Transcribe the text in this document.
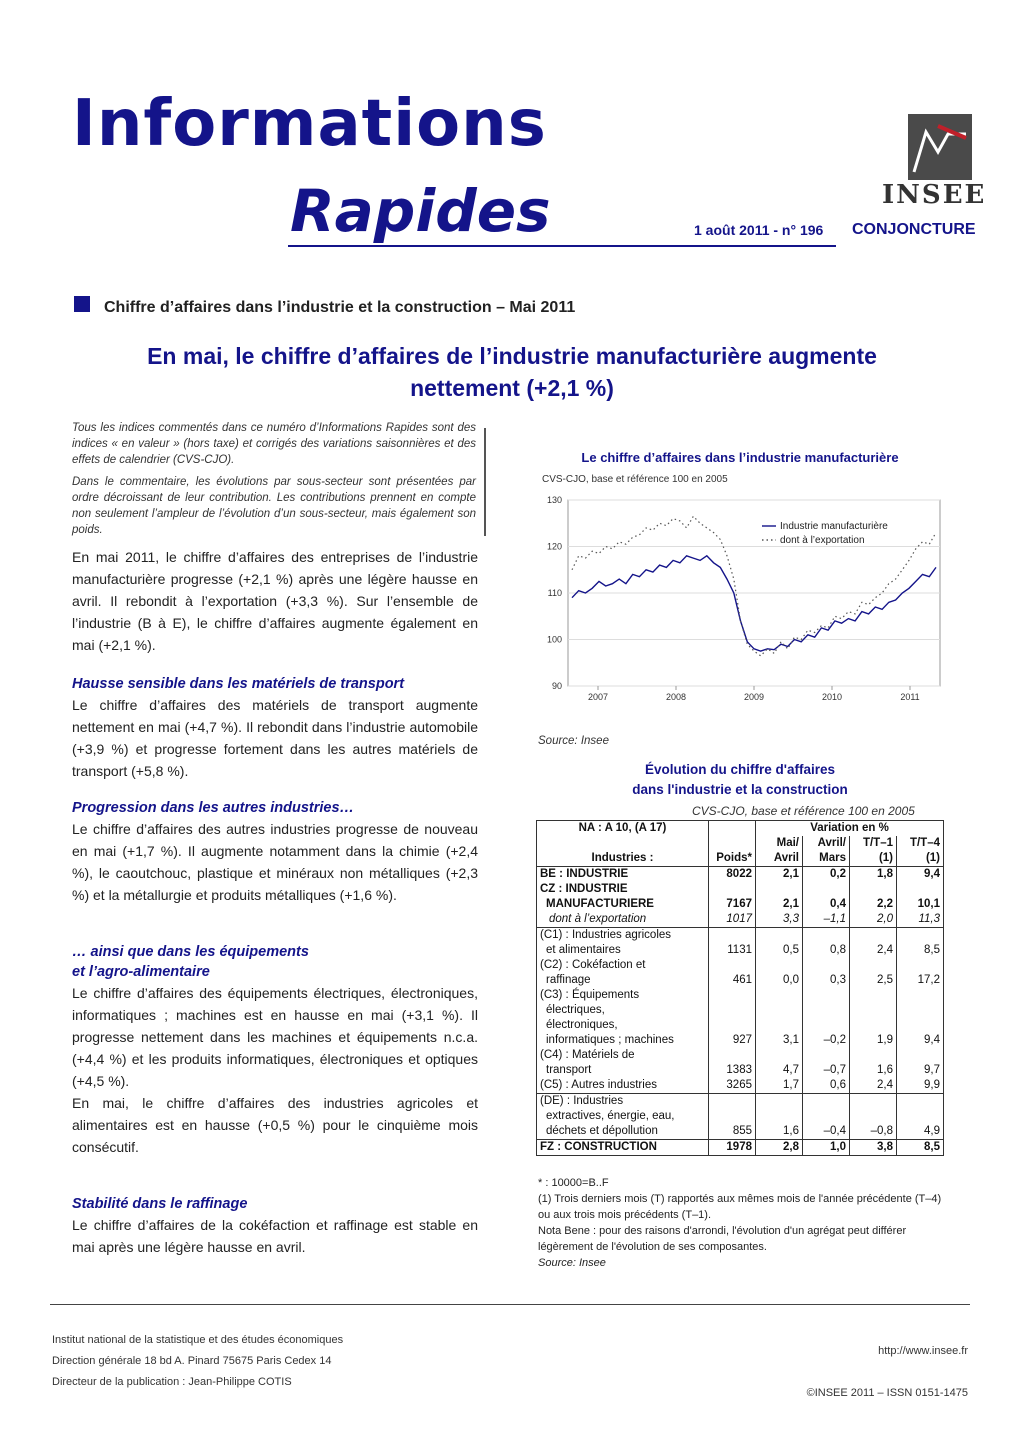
Informations
Rapides	1 août 2011 - n° 196
INSEE
CONJONCTURE
Chiffre d’affaires dans l’industrie et la construction – Mai 2011
En mai, le chiffre d’affaires de l’industrie manufacturière augmente nettement (+2,1 %)

Tous les indices commentés dans ce numéro d’Informations Rapides sont des indices « en valeur » (hors taxe) et corrigés des variations saisonnières et des effets de calendrier (CVS-CJO).

Dans le commentaire, les évolutions par sous-secteur sont présentées par ordre décroissant de leur contribution. Les contributions prennent en compte non seulement l’ampleur de l’évolution d’un sous-secteur, mais également son poids.

En mai 2011, le chiffre d’affaires des entreprises de l’industrie manufacturière progresse (+2,1 %) après une légère hausse en avril. Il rebondit à l’exportation (+3,3 %). Sur l’ensemble de l’industrie (B à E), le chiffre d’affaires augmente également en mai (+2,1 %).

Hausse sensible dans les matériels de transport

Le chiffre d’affaires des matériels de transport augmente nettement en mai (+4,7 %). Il rebondit dans l’industrie automobile (+3,9 %) et progresse fortement dans les autres matériels de transport (+5,8 %).

Progression dans les autres industries…

Le chiffre d’affaires des autres industries progresse de nouveau en mai (+1,7 %). Il augmente notamment dans la chimie (+2,4 %), le caoutchouc, plastique et minéraux non métalliques (+2,3 %) et la métallurgie et produits métalliques (+1,6 %).

… ainsi que dans les équipements
et l’agro-alimentaire

Le chiffre d’affaires des équipements électriques, électroniques, informatiques ; machines est en hausse en mai (+3,1 %). Il progresse nettement dans les machines et équipements n.c.a. (+4,4 %) et les produits informatiques, électroniques et optiques (+4,5 %).

En mai, le chiffre d’affaires des industries agricoles et alimentaires est en hausse (+0,5 %) pour le cinquième mois consécutif.

Stabilité dans le raffinage

Le chiffre d’affaires de la cokéfaction et raffinage est stable en mai après une légère hausse en avril.

Le chiffre d’affaires dans l’industrie manufacturière
CVS-CJO, base et référence 100 en 2005
90
100
110
120
130
2007	2008	2009	2010	2011
Industrie manufacturière
dont à l’exportation
Source: Insee
Évolution du chiffre d'affaires
dans l'industrie et la construction
CVS-CJO, base et référence 100 en 2005
NA : A 10, (A 17)		Variation en %			
		Mai/	Avril/	T/T–1	T/T–4
Industries :	Poids*	Avril	Mars	(1)	(1)
BE : INDUSTRIE	8022	2,1	0,2	1,8	9,4

CZ : INDUSTRIE
MANUFACTURIERE	7167	2,1	0,4	2,2	10,1
dont à l’exportation	1017	3,3	–1,1	2,0	11,3

(C1) : Industries agricoles
et alimentaires	1131	0,5	0,8	2,4	8,5

(C2) : Cokéfaction et
raffinage	461	0,0	0,3	2,5	17,2

(C3) : Équipements
électriques,
électroniques,
informatiques ; machines	927	3,1	–0,2	1,9	9,4

(C4) : Matériels de
transport	1383	4,7	–0,7	1,6	9,7
(C5) : Autres industries	3265	1,7	0,6	2,4	9,9

(DE) : Industries
extractives, énergie, eau,
déchets et dépollution	855	1,6	–0,4	–0,8	4,9
FZ : CONSTRUCTION	1978	2,8	1,0	3,8	8,5

* : 10000=B..F

(1) Trois derniers mois (T) rapportés aux mêmes mois de l'année précédente (T–4) ou aux trois mois précédents (T–1).

Nota Bene : pour des raisons d'arrondi, l'évolution d'un agrégat peut différer légèrement de l'évolution de ses composantes.

Source: Insee

Institut national de la statistique et des études économiques
Direction générale 18 bd A. Pinard 75675 Paris Cedex 14
Directeur de la publication : Jean-Philippe COTIS
http://www.insee.fr
©INSEE 2011 – ISSN 0151-1475
